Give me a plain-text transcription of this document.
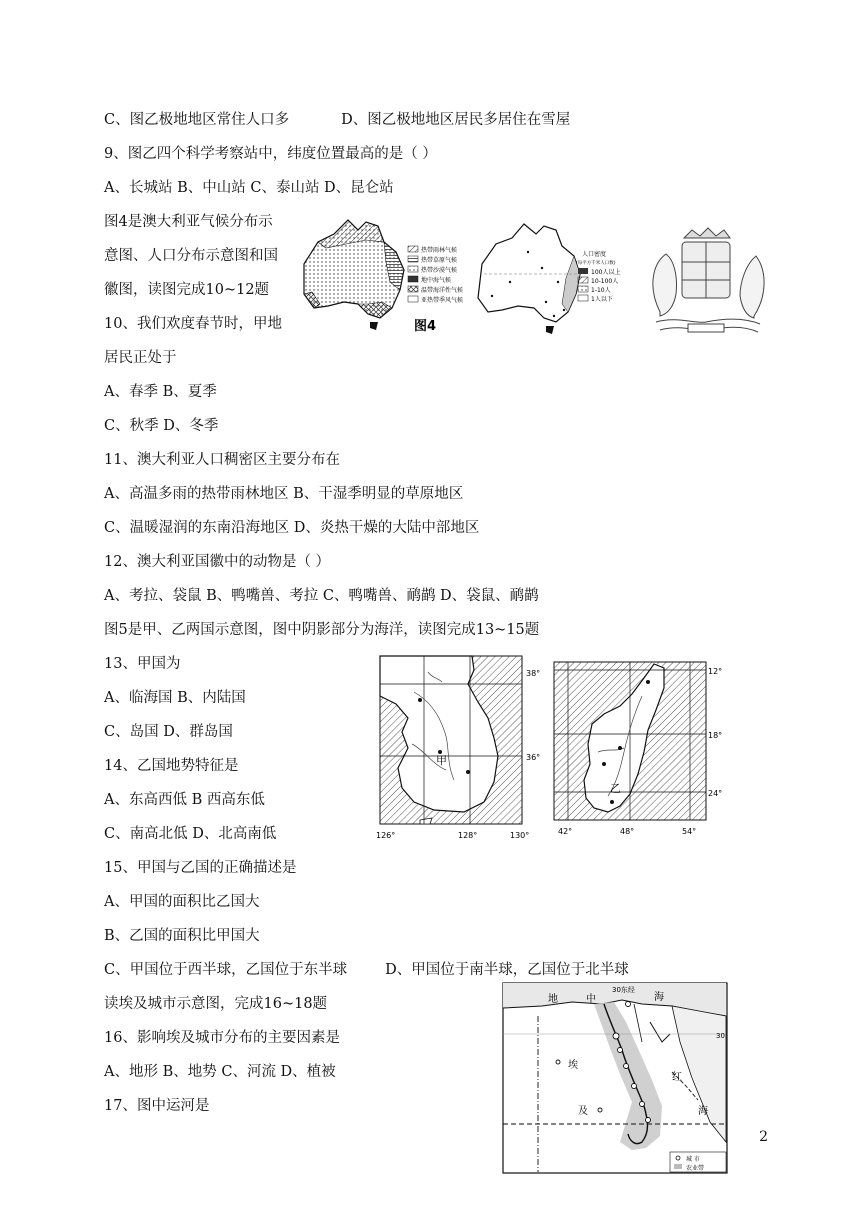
C、图乙极地地区常住人口多	D、图乙极地地区居民多居住在雪屋
9、图乙四个科学考察站中，纬度位置最高的是（ ）
A、长城站 B、中山站 C、泰山站 D、昆仑站
图4是澳大利亚气候分布示
意图、人口分布示意图和国
徽图，读图完成10~12题
10、我们欢度春节时，甲地
居民正处于
A、春季 B、夏季
C、秋季 D、冬季
11、澳大利亚人口稠密区主要分布在
A、高温多雨的热带雨林地区 B、干湿季明显的草原地区
C、温暖湿润的东南沿海地区 D、炎热干燥的大陆中部地区
12、澳大利亚国徽中的动物是（ ）
A、考拉、袋鼠 B、鸭嘴兽、考拉 C、鸭嘴兽、鸸鹋 D、袋鼠、鸸鹋
图5是甲、乙两国示意图，图中阴影部分为海洋，读图完成13~15题
13、甲国为
A、临海国 B、内陆国
C、岛国 D、群岛国
14、乙国地势特征是
A、东高西低 B 西高东低
C、南高北低 D、北高南低
15、甲国与乙国的正确描述是
A、甲国的面积比乙国大
B、乙国的面积比甲国大
C、甲国位于西半球，乙国位于东半球	D、甲国位于南半球，乙国位于北半球
读埃及城市示意图，完成16~18题
16、影响埃及城市分布的主要因素是
A、地形 B、地势 C、河流 D、植被
17、图中运河是
热带雨林气候
热带草原气候
热带沙漠气候
地中海气候
温带海洋性气候
亚热带季风气候
图4
人口密度
(每平方千米人口数)
100人以上
10-100人
1-10人
1人以下
甲
38°
36°
126°	128°	130°
乙
12°
18°
24°
42°	48°	54°
30东经
地	中	海
30
埃
及
红
海
城 市
农业带
2
